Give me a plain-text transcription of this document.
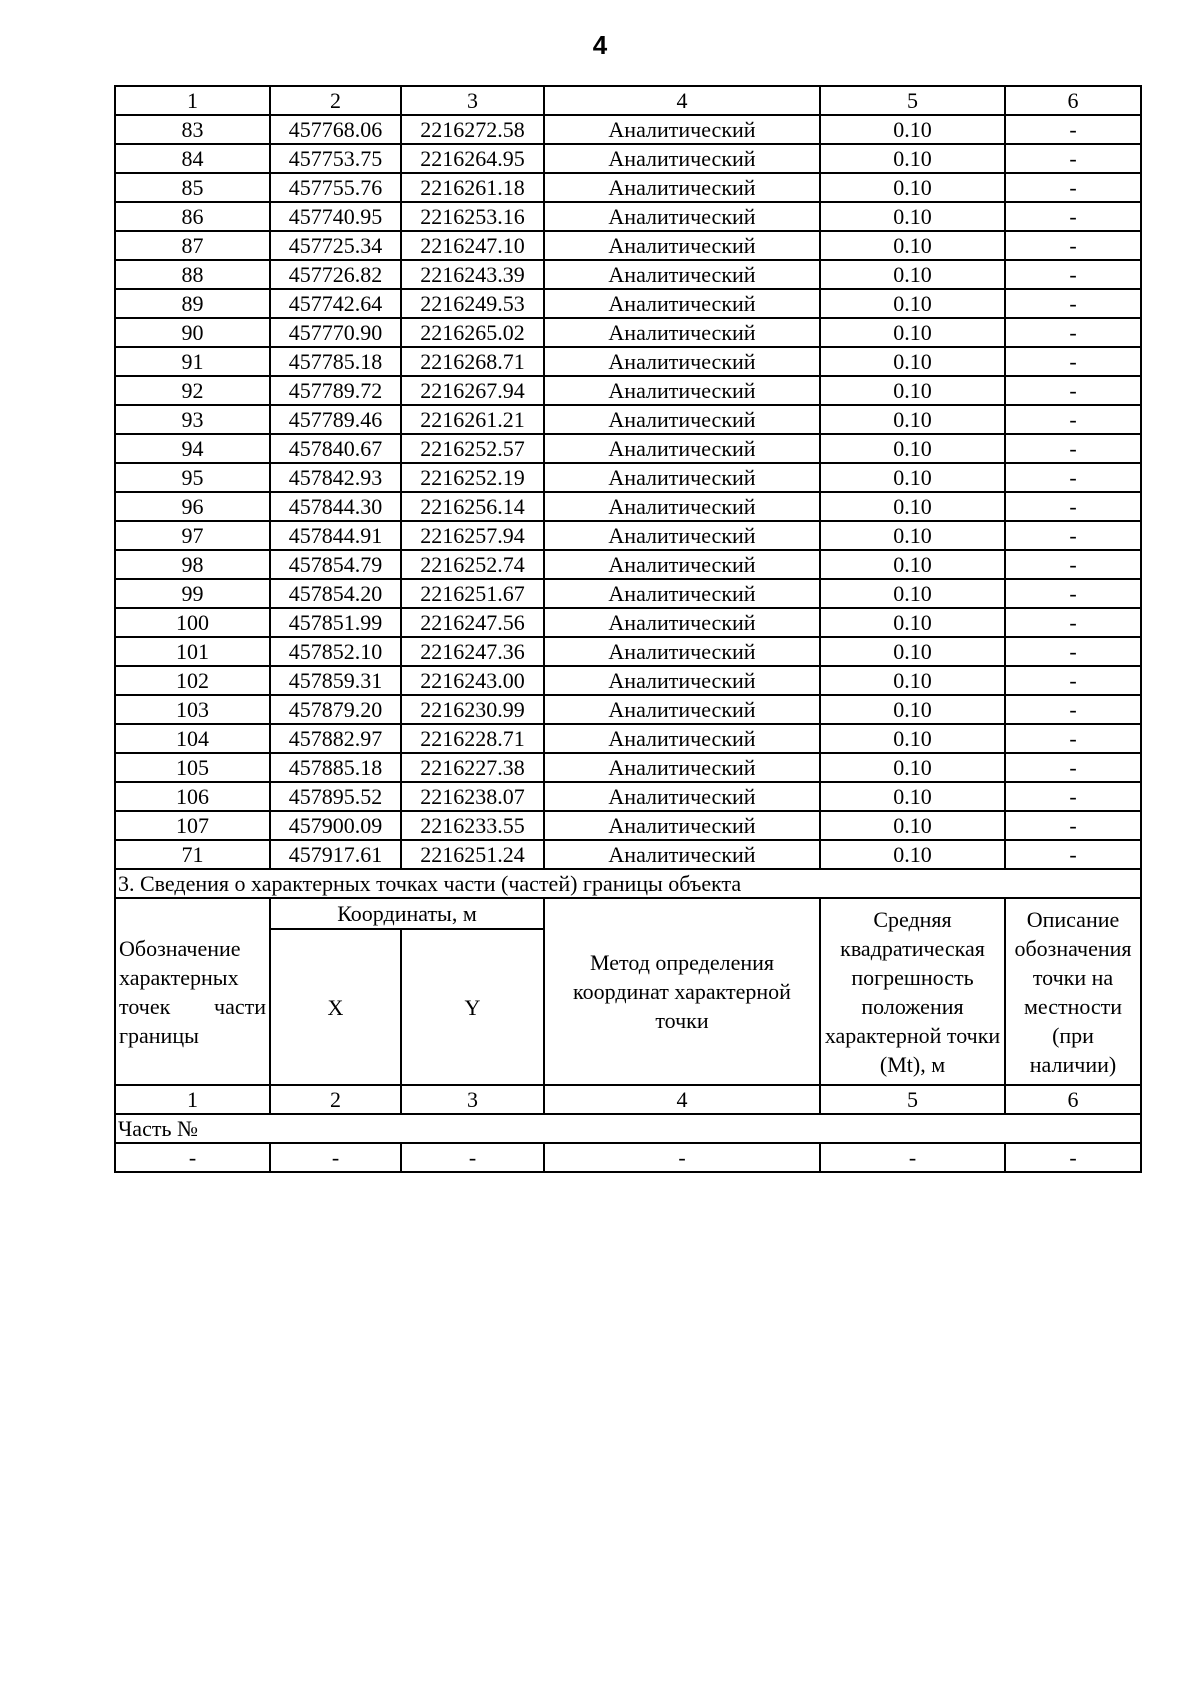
4
1	2	3	4	5	6
83	457768.06	2216272.58	Аналитический	0.10	-
84	457753.75	2216264.95	Аналитический	0.10	-
85	457755.76	2216261.18	Аналитический	0.10	-
86	457740.95	2216253.16	Аналитический	0.10	-
87	457725.34	2216247.10	Аналитический	0.10	-
88	457726.82	2216243.39	Аналитический	0.10	-
89	457742.64	2216249.53	Аналитический	0.10	-
90	457770.90	2216265.02	Аналитический	0.10	-
91	457785.18	2216268.71	Аналитический	0.10	-
92	457789.72	2216267.94	Аналитический	0.10	-
93	457789.46	2216261.21	Аналитический	0.10	-
94	457840.67	2216252.57	Аналитический	0.10	-
95	457842.93	2216252.19	Аналитический	0.10	-
96	457844.30	2216256.14	Аналитический	0.10	-
97	457844.91	2216257.94	Аналитический	0.10	-
98	457854.79	2216252.74	Аналитический	0.10	-
99	457854.20	2216251.67	Аналитический	0.10	-
100	457851.99	2216247.56	Аналитический	0.10	-
101	457852.10	2216247.36	Аналитический	0.10	-
102	457859.31	2216243.00	Аналитический	0.10	-
103	457879.20	2216230.99	Аналитический	0.10	-
104	457882.97	2216228.71	Аналитический	0.10	-
105	457885.18	2216227.38	Аналитический	0.10	-
106	457895.52	2216238.07	Аналитический	0.10	-
107	457900.09	2216233.55	Аналитический	0.10	-
71	457917.61	2216251.24	Аналитический	0.10	-
3. Сведения о характерных точках части (частей) границы объекта					
Обозначение характерных точек части границы	Координаты, м		Метод определения координат характерной точки	Средняя квадратическая погрешность положения характерной точки (Mt), м	Описание обозначения точки на местности (при наличии)
	X	Y			
1	2	3	4	5	6
Часть №					
-	-	-	-	-	-
